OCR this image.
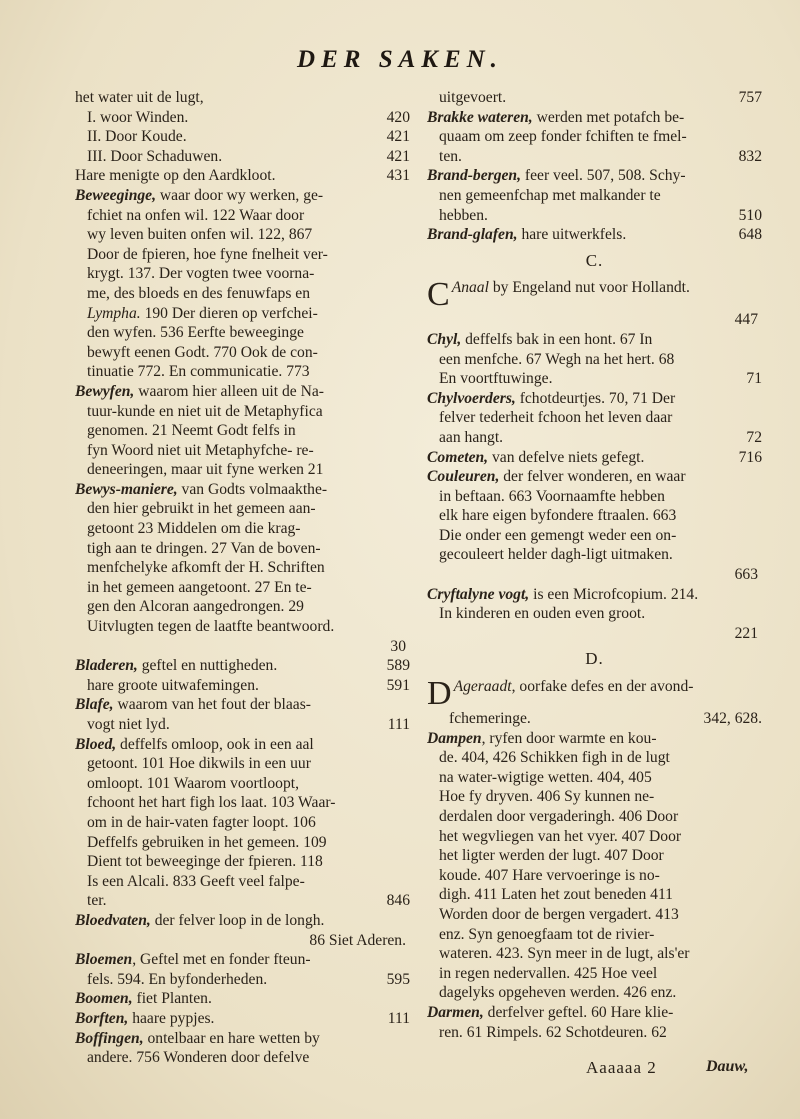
DER SAKEN.
het water uit de lugt,
420
I. woor Winden.
421
II. Door Koude.
421
III. Door Schaduwen.
431
Hare menigte op den Aardkloot.
Beweeginge, waar door wy werken, ge-
fchiet na onfen wil. 122 Waar door
wy leven buiten onfen wil. 122, 867
Door de fpieren, hoe fyne fnelheit ver-
krygt. 137. Der vogten twee voorna-
me, des bloeds en des fenuwfaps en
Lympha. 190 Der dieren op verfchei-
den wyfen. 536 Eerfte beweeginge
bewyft eenen Godt. 770 Ook de con-
tinuatie 772. En communicatie. 773
Bewyfen, waarom hier alleen uit de Na-
tuur-kunde en niet uit de Metaphyfica
genomen. 21 Neemt Godt felfs in
fyn Woord niet uit Metaphyfche- re-
deneeringen, maar uit fyne werken 21
Bewys-maniere, van Godts volmaakthe-
den hier gebruikt in het gemeen aan-
getoont 23 Middelen om die krag-
tigh aan te dringen. 27 Van de boven-
menfchelyke afkomft der H. Schriften
in het gemeen aangetoont. 27 En te-
gen den Alcoran aangedrongen. 29
Uitvlugten tegen de laatfte beantwoord.
30
589
Bladeren, geftel en nuttigheden.
591
hare groote uitwafemingen.
Blafe, waarom van het fout der blaas-
111
vogt niet lyd.
Bloed, deffelfs omloop, ook in een aal
getoont. 101 Hoe dikwils in een uur
omloopt. 101 Waarom voortloopt,
fchoont het hart figh los laat. 103 Waar-
om in de hair-vaten fagter loopt. 106
Deffelfs gebruiken in het gemeen. 109
Dient tot beweeginge der fpieren. 118
Is een Alcali. 833 Geeft veel falpe-
846
ter.
Bloedvaten, der felver loop in de longh.
86 Siet Aderen.
Bloemen, Geftel met en fonder fteun-
595
fels. 594. En byfonderheden.
Boomen, fiet Planten.
111
Borften, haare pypjes.
Boffingen, ontelbaar en hare wetten by
andere. 756 Wonderen door defelve
757
uitgevoert.
Brakke wateren, werden met potafch be-
quaam om zeep fonder fchiften te fmel-
832
ten.
Brand-bergen, feer veel. 507, 508. Schy-
nen gemeenfchap met malkander te
510
hebben.
648
Brand-glafen, hare uitwerkfels.
C.
C Anaal by Engeland nut voor Hollandt.
447
Chyl, deffelfs bak in een hont. 67 In
een menfche. 67 Wegh na het hert. 68
71
En voortftuwinge.
Chylvoerders, fchotdeurtjes. 70, 71 Der
felver tederheit fchoon het leven daar
72
aan hangt.
716
Cometen, van defelve niets gefegt.
Couleuren, der felver wonderen, en waar
in beftaan. 663 Voornaamfte hebben
elk hare eigen byfondere ftraalen. 663
Die onder een gemengt weder een on-
gecouleert helder dagh-ligt uitmaken.
663
Cryftalyne vogt, is een Microfcopium. 214.
In kinderen en ouden even groot.
221
D.
D Ageraadt, oorfake defes en der avond-
342, 628.
fchemeringe.
Dampen, ryfen door warmte en kou-
de. 404, 426 Schikken figh in de lugt
na water-wigtige wetten. 404, 405
Hoe fy dryven. 406 Sy kunnen ne-
derdalen door vergaderingh. 406 Door
het wegvliegen van het vyer. 407 Door
het ligter werden der lugt. 407 Door
koude. 407 Hare vervoeringe is no-
digh. 411 Laten het zout beneden 411
Worden door de bergen vergadert. 413
enz. Syn genoegfaam tot de rivier-
wateren. 423. Syn meer in de lugt, als'er
in regen nedervallen. 425 Hoe veel
dagelyks opgeheven werden. 426 enz.
Darmen, derfelver geftel. 60 Hare klie-
ren. 61 Rimpels. 62 Schotdeuren. 62
Aaaaaa 2	Dauw,
